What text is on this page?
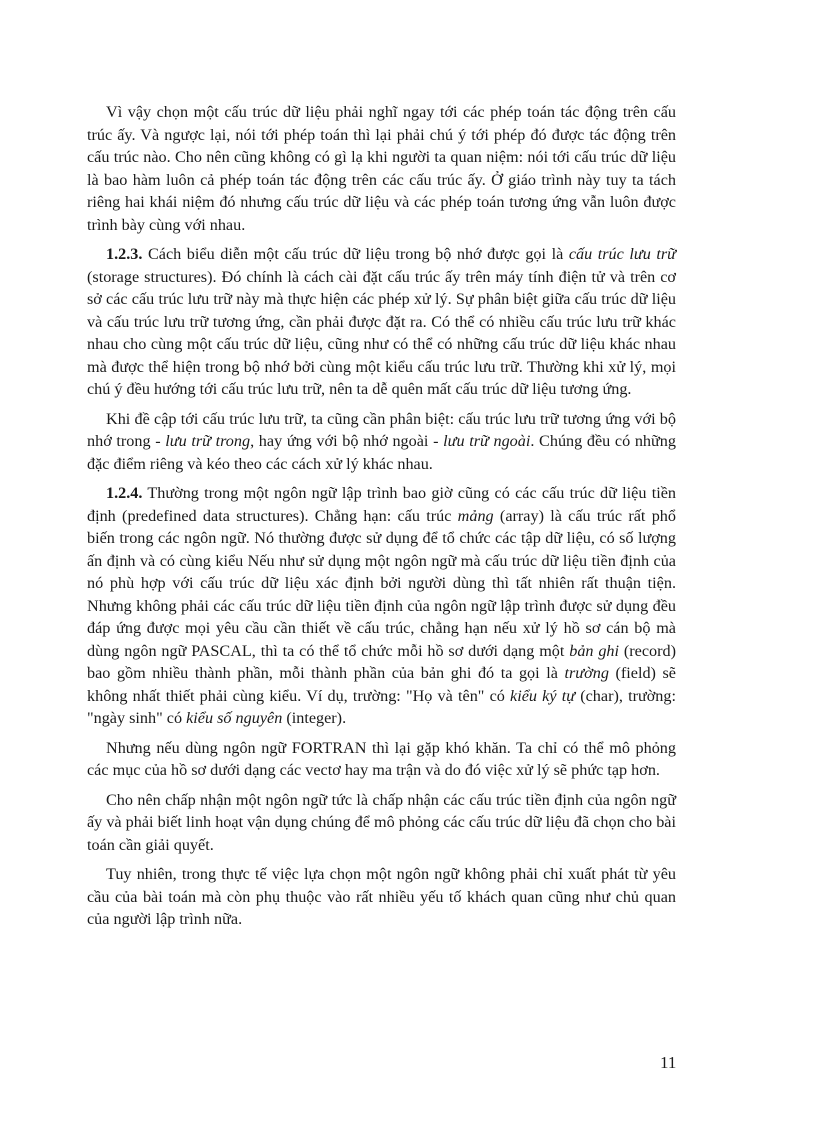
Vì vậy chọn một cấu trúc dữ liệu phải nghĩ ngay tới các phép toán tác động trên cấu trúc ấy. Và ngược lại, nói tới phép toán thì lại phải chú ý tới phép đó được tác động trên cấu trúc nào. Cho nên cũng không có gì lạ khi người ta quan niệm: nói tới cấu trúc dữ liệu là bao hàm luôn cả phép toán tác động trên các cấu trúc ấy. Ở giáo trình này tuy ta tách riêng hai khái niệm đó nhưng cấu trúc dữ liệu và các phép toán tương ứng vẫn luôn được trình bày cùng với nhau.

1.2.3. Cách biểu diễn một cấu trúc dữ liệu trong bộ nhớ được gọi là cấu trúc lưu trữ (storage structures). Đó chính là cách cài đặt cấu trúc ấy trên máy tính điện tử và trên cơ sở các cấu trúc lưu trữ này mà thực hiện các phép xử lý. Sự phân biệt giữa cấu trúc dữ liệu và cấu trúc lưu trữ tương ứng, cần phải được đặt ra. Có thể có nhiều cấu trúc lưu trữ khác nhau cho cùng một cấu trúc dữ liệu, cũng như có thể có những cấu trúc dữ liệu khác nhau mà được thể hiện trong bộ nhớ bởi cùng một kiểu cấu trúc lưu trữ. Thường khi xử lý, mọi chú ý đều hướng tới cấu trúc lưu trữ, nên ta dễ quên mất cấu trúc dữ liệu tương ứng.

Khi đề cập tới cấu trúc lưu trữ, ta cũng cần phân biệt: cấu trúc lưu trữ tương ứng với bộ nhớ trong - lưu trữ trong, hay ứng với bộ nhớ ngoài - lưu trữ ngoài. Chúng đều có những đặc điểm riêng và kéo theo các cách xử lý khác nhau.

1.2.4. Thường trong một ngôn ngữ lập trình bao giờ cũng có các cấu trúc dữ liệu tiền định (predefined data structures). Chẳng hạn: cấu trúc mảng (array) là cấu trúc rất phổ biến trong các ngôn ngữ. Nó thường được sử dụng để tổ chức các tập dữ liệu, có số lượng ấn định và có cùng kiểu Nếu như sử dụng một ngôn ngữ mà cấu trúc dữ liệu tiền định của nó phù hợp với cấu trúc dữ liệu xác định bởi người dùng thì tất nhiên rất thuận tiện. Nhưng không phải các cấu trúc dữ liệu tiền định của ngôn ngữ lập trình được sử dụng đều đáp ứng được mọi yêu cầu cần thiết về cấu trúc, chẳng hạn nếu xử lý hồ sơ cán bộ mà dùng ngôn ngữ PASCAL, thì ta có thể tổ chức mỗi hồ sơ dưới dạng một bản ghi (record) bao gồm nhiều thành phần, mỗi thành phần của bản ghi đó ta gọi là trường (field) sẽ không nhất thiết phải cùng kiểu. Ví dụ, trường: "Họ và tên" có kiểu ký tự (char), trường: "ngày sinh" có kiểu số nguyên (integer).

Nhưng nếu dùng ngôn ngữ FORTRAN thì lại gặp khó khăn. Ta chỉ có thể mô phỏng các mục của hồ sơ dưới dạng các vectơ hay ma trận và do đó việc xử lý sẽ phức tạp hơn.

Cho nên chấp nhận một ngôn ngữ tức là chấp nhận các cấu trúc tiền định của ngôn ngữ ấy và phải biết linh hoạt vận dụng chúng để mô phỏng các cấu trúc dữ liệu đã chọn cho bài toán cần giải quyết.

Tuy nhiên, trong thực tế việc lựa chọn một ngôn ngữ không phải chỉ xuất phát từ yêu cầu của bài toán mà còn phụ thuộc vào rất nhiều yếu tố khách quan cũng như chủ quan của người lập trình nữa.

11
